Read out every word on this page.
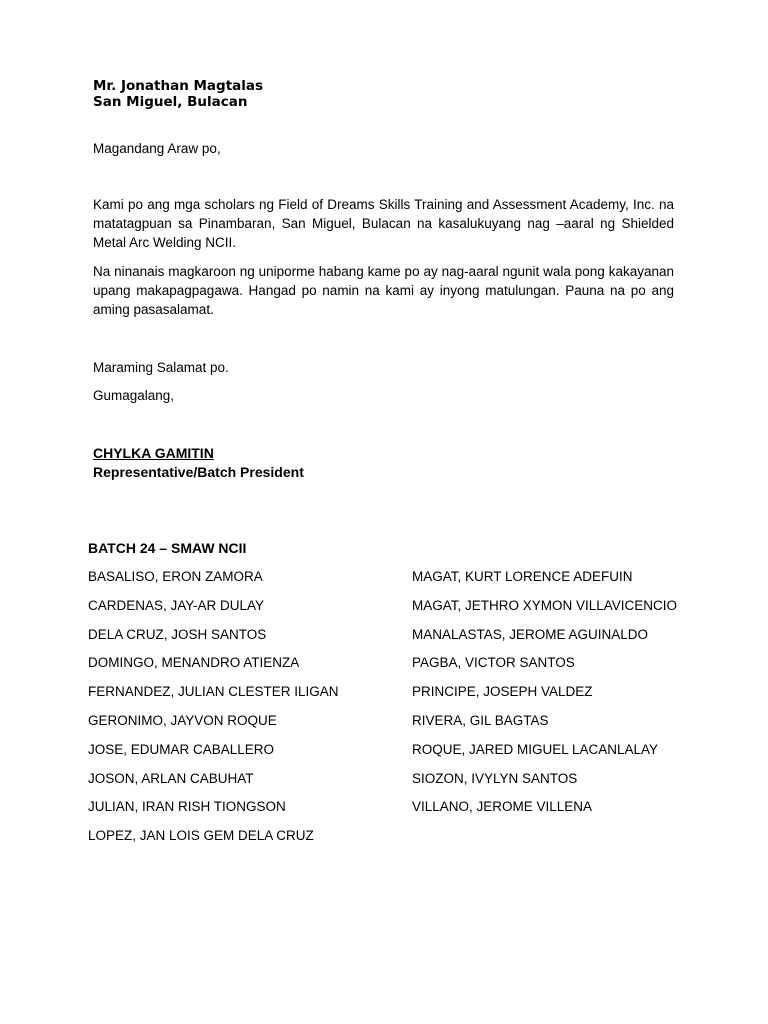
Mr. Jonathan Magtalas
San Miguel, Bulacan
Magandang Araw po,
Kami po ang mga scholars ng Field of Dreams Skills Training and Assessment Academy, Inc. na matatagpuan sa Pinambaran, San Miguel, Bulacan na kasalukuyang nag –aaral ng Shielded Metal Arc Welding NCII.
Na ninanais magkaroon ng uniporme habang kame po ay nag-aaral ngunit wala pong kakayanan upang makapagpagawa. Hangad po namin na kami ay inyong matulungan. Pauna na po ang aming pasasalamat.
Maraming Salamat po.
Gumagalang,
CHYLKA GAMITIN
Representative/Batch President
BATCH 24 – SMAW NCII
BASALISO, ERON ZAMORA
CARDENAS, JAY-AR DULAY
DELA CRUZ, JOSH SANTOS
DOMINGO, MENANDRO ATIENZA
FERNANDEZ, JULIAN CLESTER ILIGAN
GERONIMO, JAYVON ROQUE
JOSE, EDUMAR CABALLERO
JOSON, ARLAN CABUHAT
JULIAN, IRAN RISH TIONGSON
LOPEZ, JAN LOIS GEM DELA CRUZ
MAGAT, KURT LORENCE ADEFUIN
MAGAT, JETHRO XYMON VILLAVICENCIO
MANALASTAS, JEROME AGUINALDO
PAGBA, VICTOR SANTOS
PRINCIPE, JOSEPH VALDEZ
RIVERA, GIL BAGTAS
ROQUE, JARED MIGUEL LACANLALAY
SIOZON, IVYLYN SANTOS
VILLANO, JEROME VILLENA
